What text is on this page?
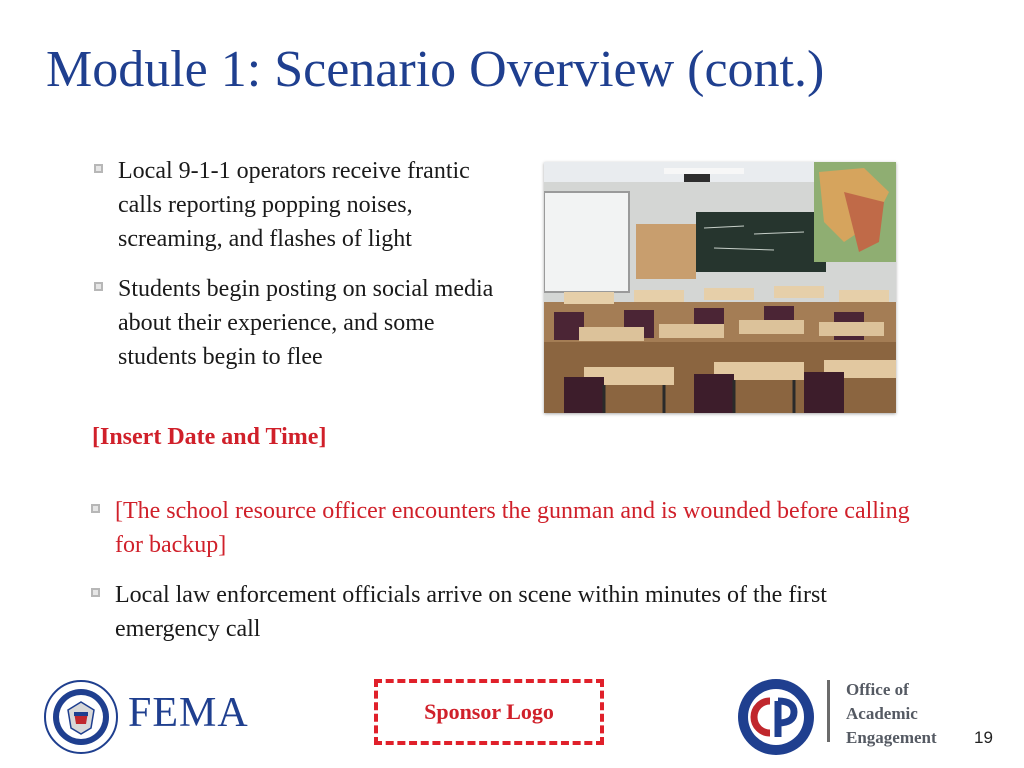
Module 1: Scenario Overview (cont.)
Local 9-1-1 operators receive frantic calls reporting popping noises, screaming, and flashes of light
Students begin posting on social media about their experience, and some students begin to flee
[Insert Date and Time]
[The school resource officer encounters the gunman and is wounded before calling for backup]
Local law enforcement officials arrive on scene within minutes of the first emergency call
FEMA	Sponsor Logo
Office of
Academic
Engagement 19
